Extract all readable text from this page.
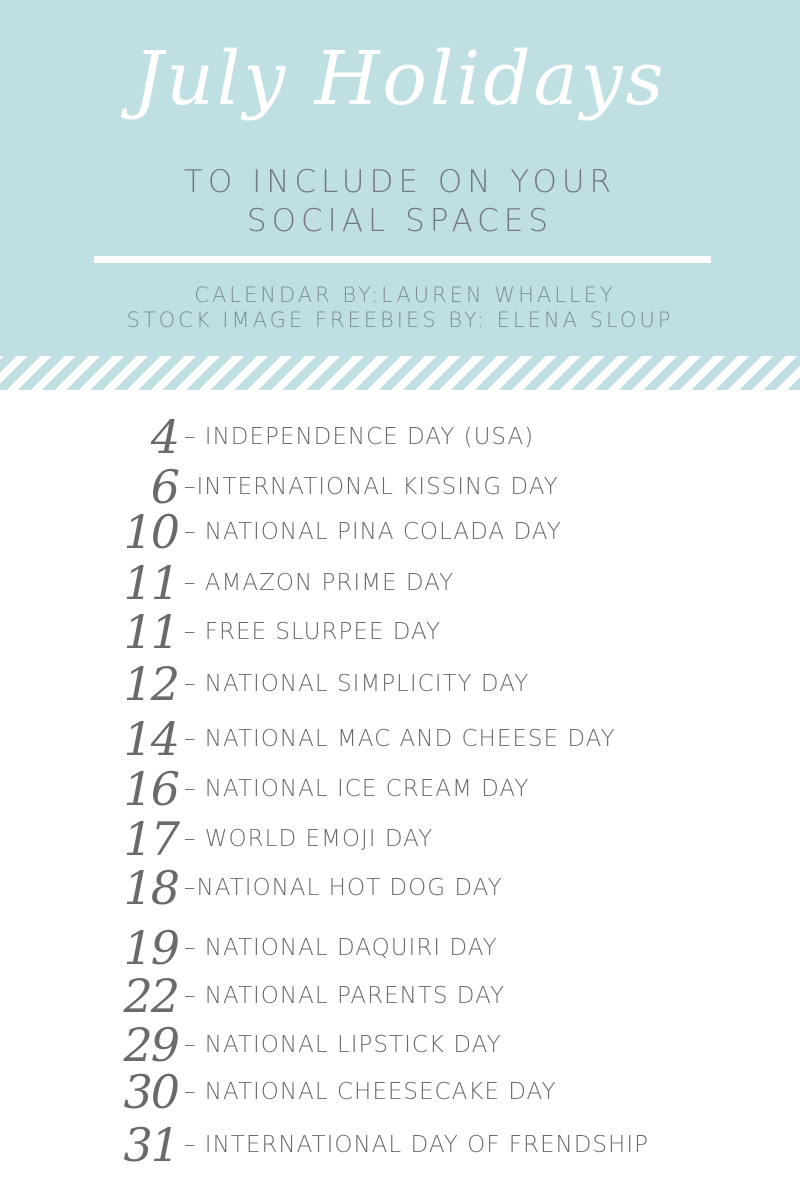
July Holidays
TO INCLUDE ON YOUR
SOCIAL SPACES
CALENDAR BY:LAUREN WHALLEY
STOCK IMAGE FREEBIES BY: ELENA SLOUP
4 – INDEPENDENCE DAY (USA)
6 –INTERNATIONAL KISSING DAY
10 – NATIONAL PINA COLADA DAY
11 – AMAZON PRIME DAY
11 – FREE SLURPEE DAY
12 – NATIONAL SIMPLICITY DAY
14 – NATIONAL MAC AND CHEESE DAY
16 – NATIONAL ICE CREAM DAY
17 – WORLD EMOJI DAY
18 –NATIONAL HOT DOG DAY
19 – NATIONAL DAQUIRI DAY
22 – NATIONAL PARENTS DAY
29 – NATIONAL LIPSTICK DAY
30 – NATIONAL CHEESECAKE DAY
31 – INTERNATIONAL DAY OF FRENDSHIP
